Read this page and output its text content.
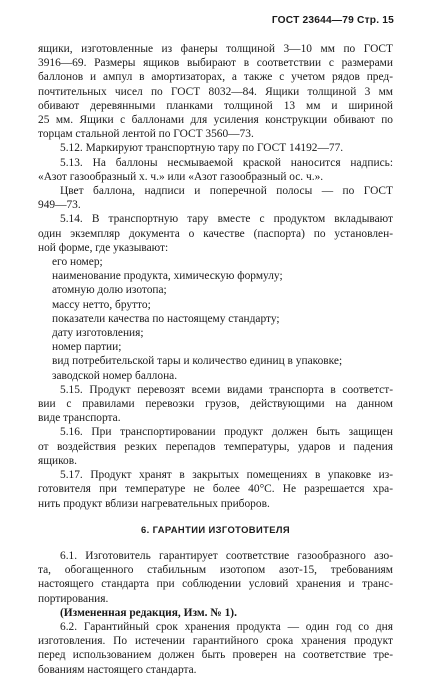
ГОСТ 23644—79 Стр. 15
ящики, изготовленные из фанеры толщиной 3—10 мм по ГОСТ
3916—69. Размеры ящиков выбирают в соответствии с размерами
баллонов и ампул в амортизаторах, а также с учетом рядов пред-
почтительных чисел по ГОСТ 8032—84. Ящики толщиной 3 мм
обивают деревянными планками толщиной 13 мм и шириной
25 мм. Ящики с баллонами для усиления конструкции обивают по
торцам стальной лентой по ГОСТ 3560—73.
5.12. Маркируют транспортную тару по ГОСТ 14192—77.
5.13. На баллоны несмываемой краской наносится надпись:
«Азот газообразный х. ч.» или «Азот газообразный ос. ч.».
Цвет баллона, надписи и поперечной полосы — по ГОСТ
949—73.
5.14. В транспортную тару вместе с продуктом вкладывают
один экземпляр документа о качестве (паспорта) по установлен-
ной форме, где указывают:
его номер;
наименование продукта, химическую формулу;
атомную долю изотопа;
массу нетто, брутто;
показатели качества по настоящему стандарту;
дату изготовления;
номер партии;
вид потребительской тары и количество единиц в упаковке;
заводской номер баллона.
5.15. Продукт перевозят всеми видами транспорта в соответст-
вии с правилами перевозки грузов, действующими на данном
виде транспорта.
5.16. При транспортировании продукт должен быть защищен
от воздействия резких перепадов температуры, ударов и падения
ящиков.
5.17. Продукт хранят в закрытых помещениях в упаковке из-
готовителя при температуре не более 40°С. Не разрешается хра-
нить продукт вблизи нагревательных приборов.
6. ГАРАНТИИ ИЗГОТОВИТЕЛЯ
6.1. Изготовитель гарантирует соответствие газообразного азо-
та, обогащенного стабильным изотопом азот-15, требованиям
настоящего стандарта при соблюдении условий хранения и транс-
портирования.
(Измененная редакция, Изм. № 1).
6.2. Гарантийный срок хранения продукта — один год со дня
изготовления. По истечении гарантийного срока хранения продукт
перед использованием должен быть проверен на соответствие тре-
бованиям настоящего стандарта.
